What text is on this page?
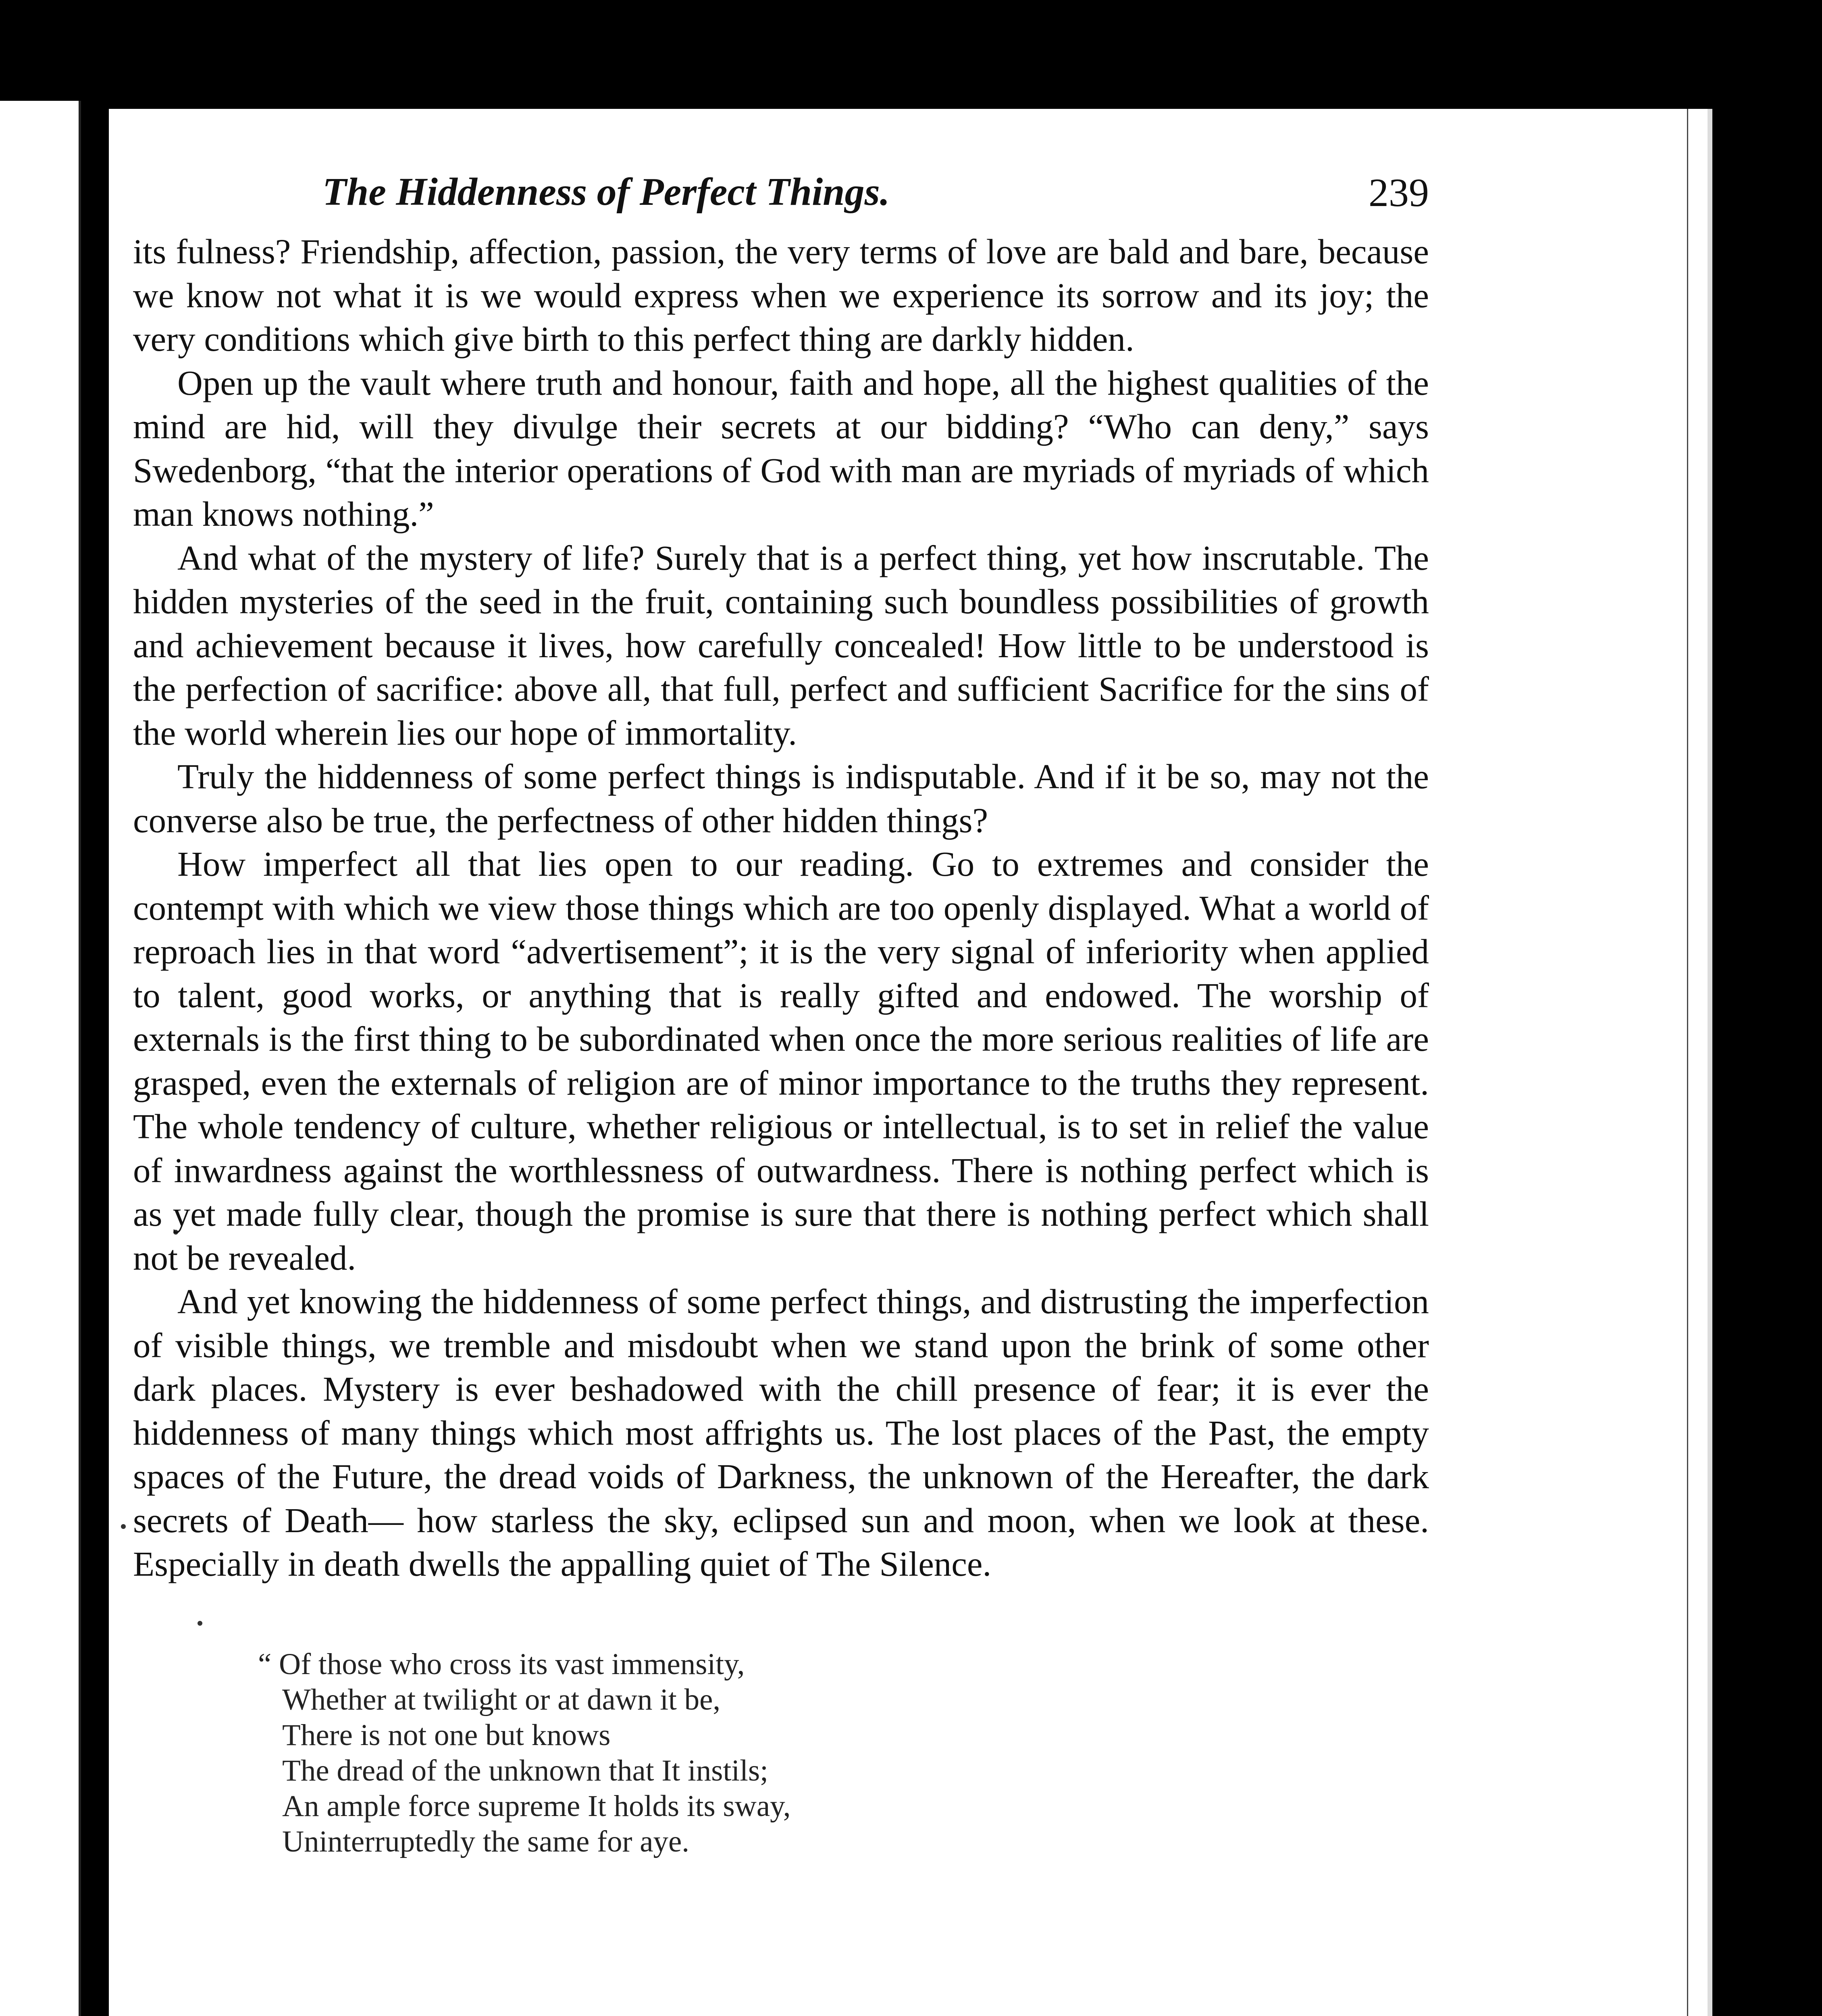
The Hiddenness of Perfect Things.	239

its fulness? Friendship, affection, passion, the very terms of love are bald and bare, because we know not what it is we would express when we experience its sorrow and its joy; the very conditions which give birth to this perfect thing are darkly hidden.

Open up the vault where truth and honour, faith and hope, all the highest qualities of the mind are hid, will they divulge their secrets at our bidding? “Who can deny,” says Swedenborg, “that the interior operations of God with man are myriads of myriads of which man knows nothing.”

And what of the mystery of life? Surely that is a perfect thing, yet how inscrutable. The hidden mysteries of the seed in the fruit, containing such boundless possibilities of growth and achievement because it lives, how carefully concealed! How little to be understood is the perfection of sacrifice: above all, that full, perfect and sufficient Sacrifice for the sins of the world wherein lies our hope of immortality.

Truly the hiddenness of some perfect things is indisputable. And if it be so, may not the converse also be true, the perfectness of other hidden things?

How imperfect all that lies open to our reading. Go to extremes and consider the contempt with which we view those things which are too openly displayed. What a world of reproach lies in that word “advertisement”; it is the very signal of inferiority when applied to talent, good works, or anything that is really gifted and endowed. The worship of externals is the first thing to be subordinated when once the more serious realities of life are grasped, even the externals of religion are of minor importance to the truths they represent. The whole tendency of culture, whether religious or intellectual, is to set in relief the value of inwardness against the worthlessness of outwardness. There is nothing perfect which is as yet made fully clear, though the promise is sure that there is nothing perfect which shall not be revealed.

And yet knowing the hiddenness of some perfect things, and distrusting the imperfection of visible things, we tremble and misdoubt when we stand upon the brink of some other dark places. Mystery is ever beshadowed with the chill presence of fear; it is ever the hiddenness of many things which most affrights us. The lost places of the Past, the empty spaces of the Future, the dread voids of Darkness, the unknown of the Hereafter, the dark secrets of Death— how starless the sky, eclipsed sun and moon, when we look at these. Especially in death dwells the appalling quiet of The Silence.

“ Of those who cross its vast immensity,
Whether at twilight or at dawn it be,
There is not one but knows
The dread of the unknown that It instils;
An ample force supreme It holds its sway,
Uninterruptedly the same for aye.
